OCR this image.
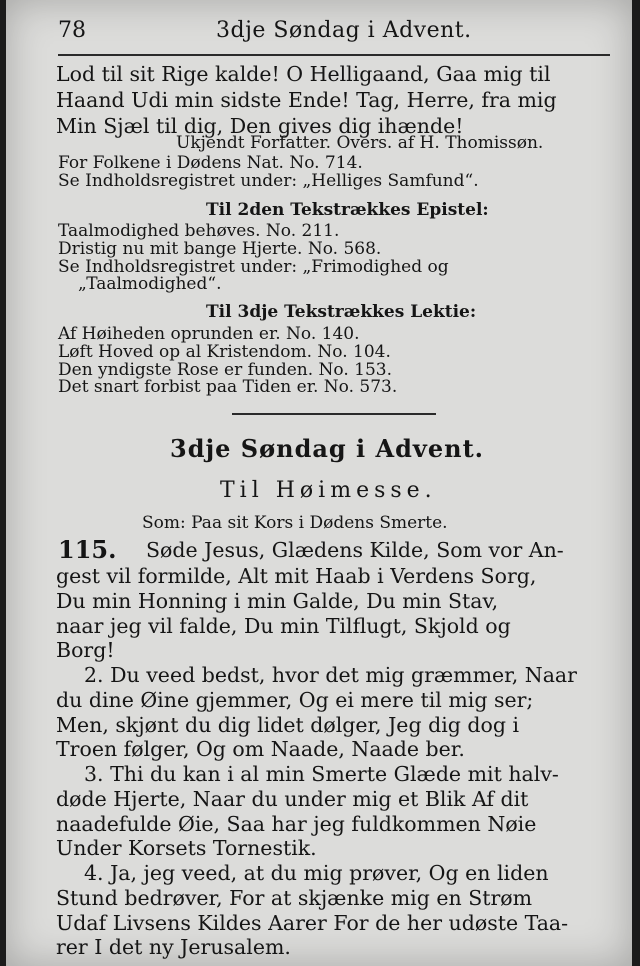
78	3dje Søndag i Advent.
Lod til sit Rige kalde! O Helligaand, Gaa mig til
Haand Udi min sidste Ende! Tag, Herre, fra mig
Min Sjæl til dig, Den gives dig ihænde!
Ukjendt Forfatter. Overs. af H. Thomissøn.
For Folkene i Dødens Nat. No. 714.
Se Indholdsregistret under: „Helliges Samfund“.
Til 2den Tekstrækkes Epistel:
Taalmodighed behøves. No. 211.
Dristig nu mit bange Hjerte. No. 568.
Se Indholdsregistret under: „Frimodighed og
„Taalmodighed“.
Til 3dje Tekstrækkes Lektie:
Af Høiheden oprunden er. No. 140.
Løft Hoved op al Kristendom. No. 104.
Den yndigste Rose er funden. No. 153.
Det snart forbist paa Tiden er. No. 573.
3dje Søndag i Advent.
Til Høimesse.
Som: Paa sit Kors i Dødens Smerte.
115. Søde Jesus, Glædens Kilde, Som vor An-
gest vil formilde, Alt mit Haab i Verdens Sorg,
Du min Honning i min Galde, Du min Stav,
naar jeg vil falde, Du min Tilflugt, Skjold og
Borg!
2. Du veed bedst, hvor det mig græmmer, Naar
du dine Øine gjemmer, Og ei mere til mig ser;
Men, skjønt du dig lidet dølger, Jeg dig dog i
Troen følger, Og om Naade, Naade ber.
3. Thi du kan i al min Smerte Glæde mit halv-
døde Hjerte, Naar du under mig et Blik Af dit
naadefulde Øie, Saa har jeg fuldkommen Nøie
Under Korsets Tornestik.
4. Ja, jeg veed, at du mig prøver, Og en liden
Stund bedrøver, For at skjænke mig en Strøm
Udaf Livsens Kildes Aarer For de her udøste Taa-
rer I det ny Jerusalem.
